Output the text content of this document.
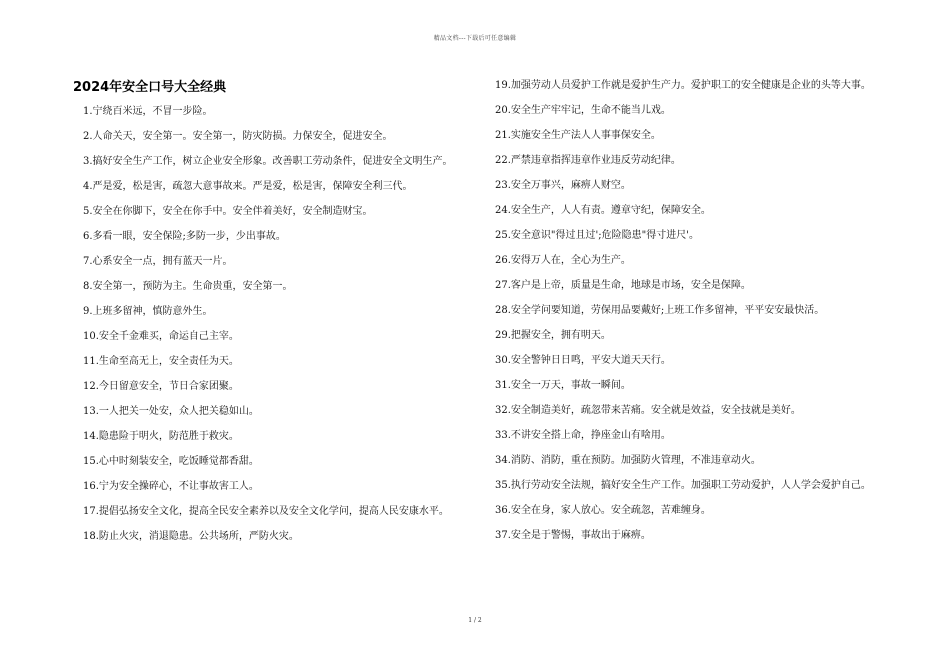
精品文档---下载后可任意编辑
2024年安全口号大全经典

1.宁绕百米远，不冒一步险。

2.人命关天，安全第一。安全第一，防灾防损。力保安全，促进安全。

3.搞好安全生产工作，树立企业安全形象。改善职工劳动条件，促进安全文明生产。

4.严是爱，松是害，疏忽大意事故来。严是爱，松是害，保障安全利三代。

5.安全在你脚下，安全在你手中。安全伴着美好，安全制造财宝。

6.多看一眼，安全保险;多防一步，少出事故。

7.心系安全一点，拥有蓝天一片。

8.安全第一，预防为主。生命贵重，安全第一。

9.上班多留神，慎防意外生。

10.安全千金难买，命运自己主宰。

11.生命至高无上，安全责任为天。

12.今日留意安全，节日合家团聚。

13.一人把关一处安，众人把关稳如山。

14.隐患险于明火，防范胜于救灾。

15.心中时刻装安全，吃饭睡觉都香甜。

16.宁为安全操碎心，不让事故害工人。

17.提倡弘扬安全文化，提高全民安全素养以及安全文化学问，提高人民安康水平。

18.防止火灾，消退隐患。公共场所，严防火灾。

19.加强劳动人员爱护工作就是爱护生产力。爱护职工的安全健康是企业的头等大事。

20.安全生产牢牢记，生命不能当儿戏。

21.实施安全生产法人人事事保安全。

22.严禁违章指挥违章作业违反劳动纪律。

23.安全万事兴，麻痹人财空。

24.安全生产，人人有责。遵章守纪，保障安全。

25.安全意识"得过且过';危险隐患"得寸进尺'。

26.安得万人在，全心为生产。

27.客户是上帝，质量是生命，地球是市场，安全是保障。

28.安全学问要知道，劳保用品要戴好;上班工作多留神，平平安安最快活。

29.把握安全，拥有明天。

30.安全警钟日日鸣，平安大道天天行。

31.安全一万天，事故一瞬间。

32.安全制造美好，疏忽带来苦痛。安全就是效益，安全技就是美好。

33.不讲安全搭上命，挣座金山有啥用。

34.消防、消防，重在预防。加强防火管理，不准违章动火。

35.执行劳动安全法规，搞好安全生产工作。加强职工劳动爱护，人人学会爱护自己。

36.安全在身，家人放心。安全疏忽，苦难缠身。

37.安全是于警惕，事故出于麻痹。

1 / 2
